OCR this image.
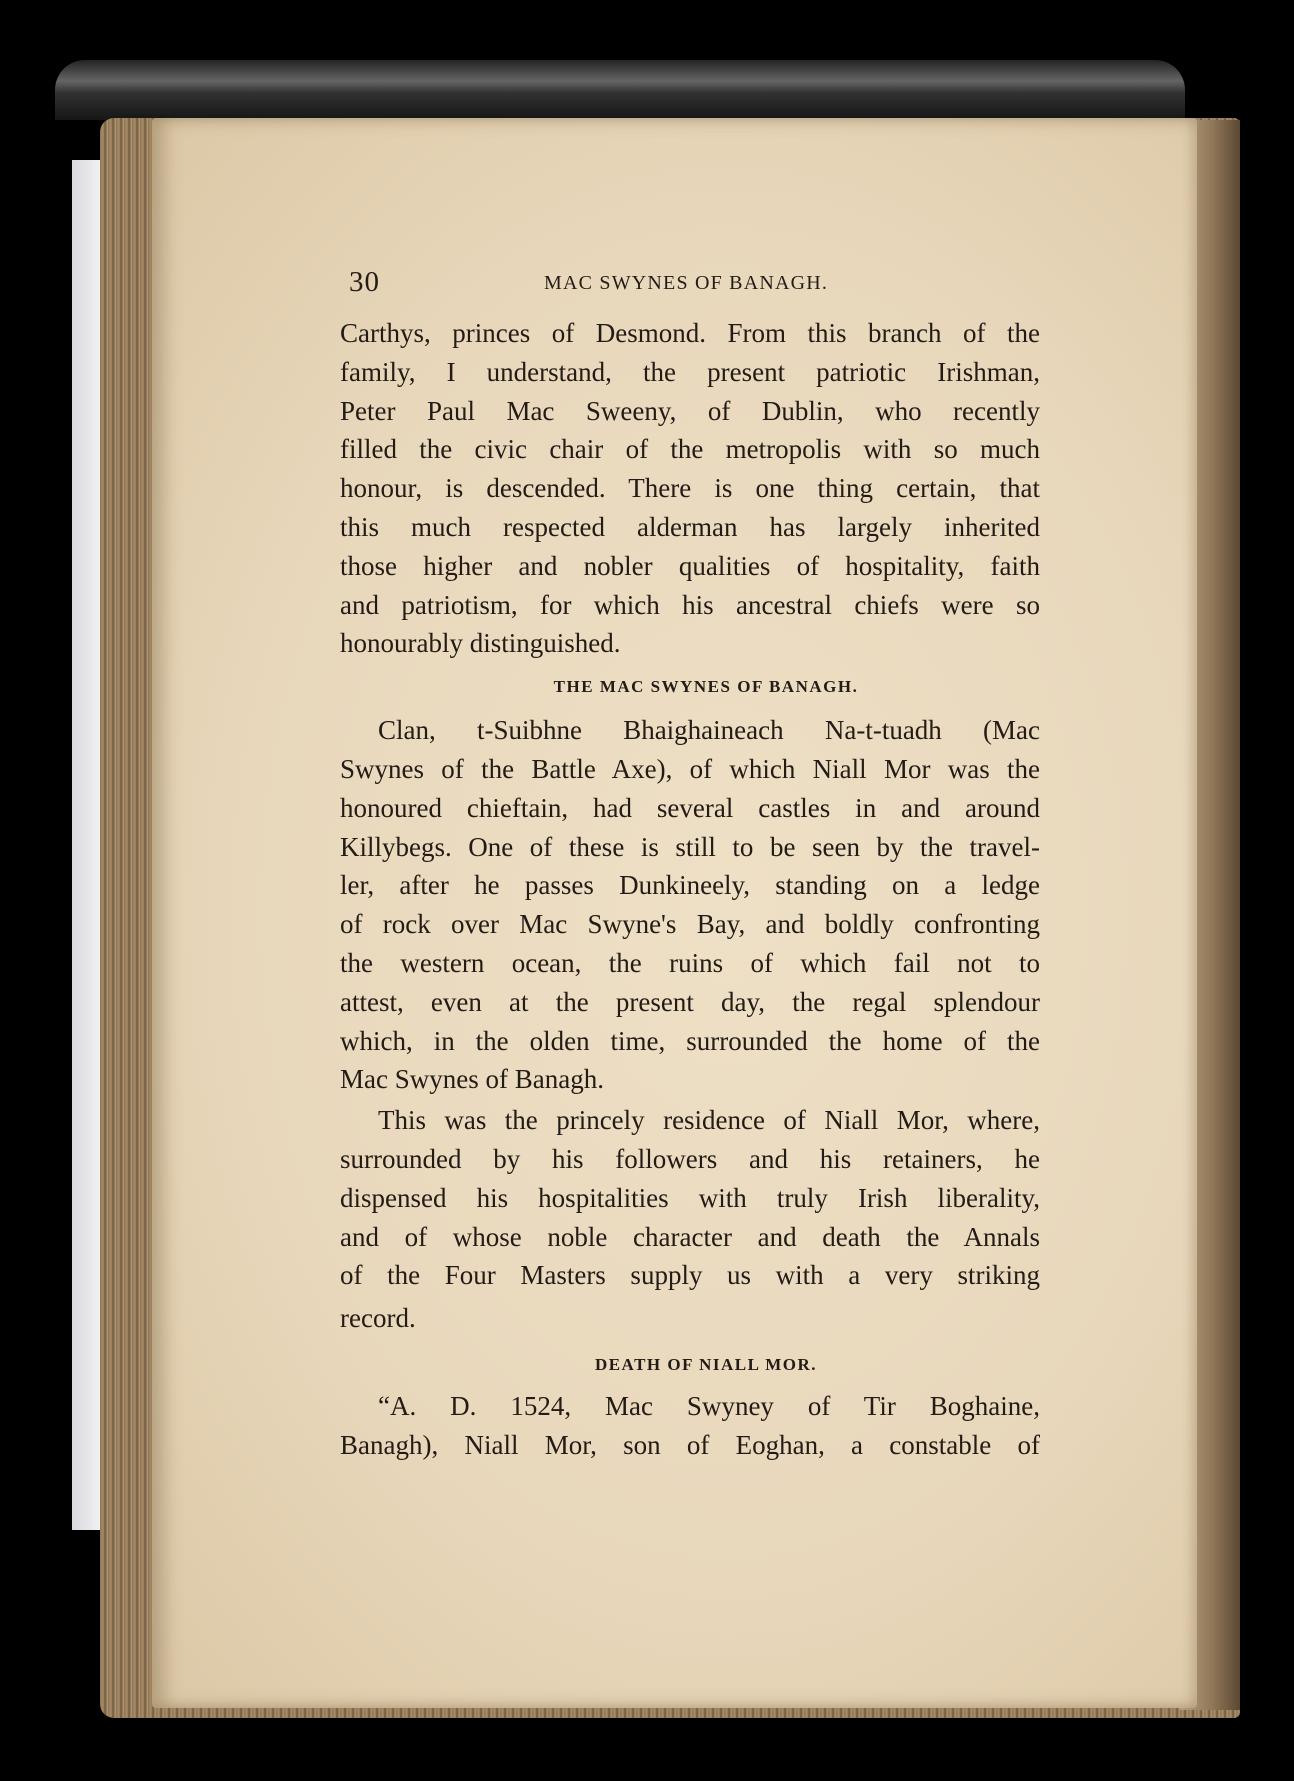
30	MAC SWYNES OF BANAGH.

Carthys, princes of Desmond. From this branch of the
family, I understand, the present patriotic Irishman,
Peter Paul Mac Sweeny, of Dublin, who recently
filled the civic chair of the metropolis with so much
honour, is descended. There is one thing certain, that
this much respected alderman has largely inherited
those higher and nobler qualities of hospitality, faith
and patriotism, for which his ancestral chiefs were so
honourably distinguished.

THE MAC SWYNES OF BANAGH.

Clan, t-Suibhne Bhaighaineach Na-t-tuadh (Mac
Swynes of the Battle Axe), of which Niall Mor was the
honoured chieftain, had several castles in and around
Killybegs. One of these is still to be seen by the travel-
ler, after he passes Dunkineely, standing on a ledge
of rock over Mac Swyne's Bay, and boldly confronting
the western ocean, the ruins of which fail not to
attest, even at the present day, the regal splendour
which, in the olden time, surrounded the home of the
Mac Swynes of Banagh.

This was the princely residence of Niall Mor, where,
surrounded by his followers and his retainers, he
dispensed his hospitalities with truly Irish liberality,
and of whose noble character and death the Annals
of the Four Masters supply us with a very striking
record.

DEATH OF NIALL MOR.

“A. D. 1524, Mac Swyney of Tir Boghaine,
Banagh), Niall Mor, son of Eoghan, a constable of
